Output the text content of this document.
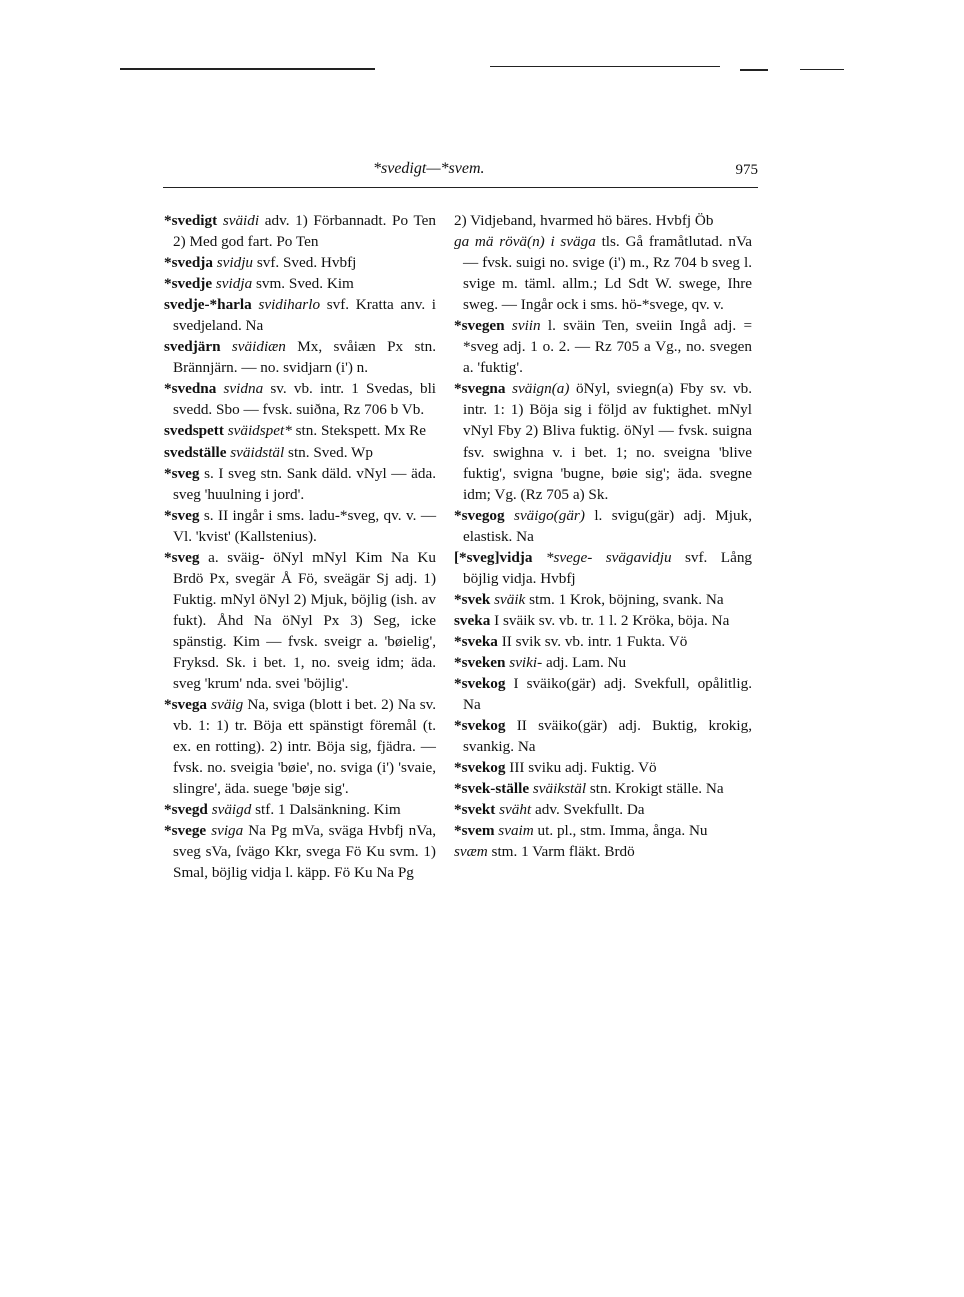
*svedigt—*svem.	975

*svedigt sväidi adv. 1) Förbannadt. Po Ten 2) Med god fart. Po Ten

*svedja svidju svf. Sved. Hvbfj

*svedje svidja svm. Sved. Kim

svedje-*harla svidiharlo svf. Kratta anv. i svedjeland. Na

svedjärn sväidiæn Mx, svåiæn Px stn. Brännjärn. — no. svidjarn (i') n.

*svedna svidna sv. vb. intr. 1 Svedas, bli svedd. Sbo — fvsk. suiðna, Rz 706 b Vb.

svedspett sväidspet* stn. Stekspett. Mx Re

svedställe sväidstäl stn. Sved. Wp

*sveg s. I sveg stn. Sank däld. vNyl — äda. sveg 'huulning i jord'.

*sveg s. II ingår i sms. ladu-*sveg, qv. v. — Vl. 'kvist' (Kallstenius).

*sveg a. sväig- öNyl mNyl Kim Na Ku Brdö Px, svegär Å Fö, sveägär Sj adj. 1) Fuktig. mNyl öNyl 2) Mjuk, böjlig (ish. av fukt). Åhd Na öNyl Px 3) Seg, icke spänstig. Kim — fvsk. sveigr a. 'bøielig', Fryksd. Sk. i bet. 1, no. sveig idm; äda. sveg 'krum' nda. svei 'böjlig'.

*svega sväig Na, sviga (blott i bet. 2) Na sv. vb. 1: 1) tr. Böja ett spänstigt föremål (t. ex. en rotting). 2) intr. Böja sig, fjädra. — fvsk. no. sveigia 'bøie', no. sviga (i') 'svaie, slingre', äda. suege 'bøje sig'.

*svegd sväigd stf. 1 Dalsänkning. Kim

*svege sviga Na Pg mVa, sväga Hvbfj nVa, sveg sVa, ſvägo Kkr, svega Fö Ku svm. 1) Smal, böjlig vidja l. käpp. Fö Ku Na Pg

2) Vidjeband, hvarmed hö bäres. Hvbfj Öb

ga mä rövä(n) i sväga tls. Gå framåtlutad. nVa — fvsk. suigi no. svige (i') m., Rz 704 b sveg l. svige m. täml. allm.; Ld Sdt W. swege, Ihre sweg. — Ingår ock i sms. hö-*svege, qv. v.

*svegen sviin l. sväin Ten, sveiin Ingå adj. = *sveg adj. 1 o. 2. — Rz 705 a Vg., no. svegen a. 'fuktig'.

*svegna sväign(a) öNyl, sviegn(a) Fby sv. vb. intr. 1: 1) Böja sig i följd av fuktighet. mNyl vNyl Fby 2) Bliva fuktig. öNyl — fvsk. suigna fsv. swighna v. i bet. 1; no. sveigna 'blive fuktig', svigna 'bugne, bøie sig'; äda. svegne idm; Vg. (Rz 705 a) Sk.

*svegog sväigo(gär) l. svigu(gär) adj. Mjuk, elastisk. Na

[*sveg]vidja *svege- svägavidju svf. Lång böjlig vidja. Hvbfj

*svek sväik stm. 1 Krok, böjning, svank. Na

sveka I sväik sv. vb. tr. 1 l. 2 Kröka, böja. Na

*sveka II svik sv. vb. intr. 1 Fukta. Vö

*sveken sviki- adj. Lam. Nu

*svekog I sväiko(gär) adj. Svekfull, opålitlig. Na

*svekog II sväiko(gär) adj. Buktig, krokig, svankig. Na

*svekog III sviku adj. Fuktig. Vö

*svek-ställe sväikstäl stn. Krokigt ställe. Na

*svekt sväht adv. Svekfullt. Da

*svem svaim ut. pl., stm. Imma, ånga. Nu

svæm stm. 1 Varm fläkt. Brdö
